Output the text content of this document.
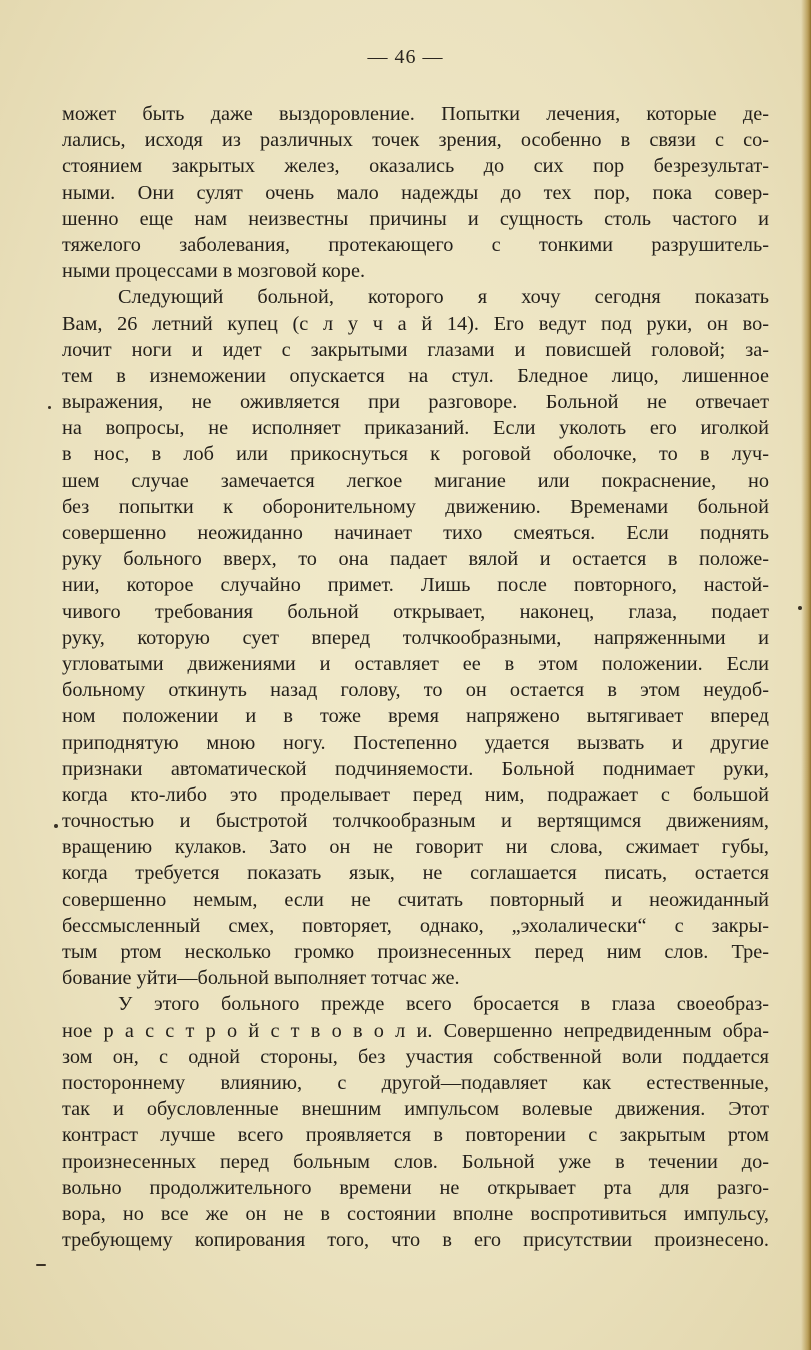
— 46 —
может быть даже выздоровление. Попытки лечения, которые де-
лались, исходя из различных точек зрения, особенно в связи с со-
стоянием закрытых желез, оказались до сих пор безрезультат-
ными. Они сулят очень мало надежды до тех пор, пока совер-
шенно еще нам неизвестны причины и сущность столь частого и
тяжелого заболевания, протекающего с тонкими разрушитель-
ными процессами в мозговой коре.
Следующий больной, которого я хочу сегодня показать
Вам, 26 летний купец (с л у ч а й 14). Его ведут под руки, он во-
лочит ноги и идет с закрытыми глазами и повисшей головой; за-
тем в изнеможении опускается на стул. Бледное лицо, лишенное
выражения, не оживляется при разговоре. Больной не отвечает
на вопросы, не исполняет приказаний. Если уколоть его иголкой
в нос, в лоб или прикоснуться к роговой оболочке, то в луч-
шем случае замечается легкое мигание или покраснение, но
без попытки к оборонительному движению. Временами больной
совершенно неожиданно начинает тихо смеяться. Если поднять
руку больного вверх, то она падает вялой и остается в положе-
нии, которое случайно примет. Лишь после повторного, настой-
чивого требования больной открывает, наконец, глаза, подает
руку, которую сует вперед толчкообразными, напряженными и
угловатыми движениями и оставляет ее в этом положении. Если
больному откинуть назад голову, то он остается в этом неудоб-
ном положении и в тоже время напряжено вытягивает вперед
приподнятую мною ногу. Постепенно удается вызвать и другие
признаки автоматической подчиняемости. Больной поднимает руки,
когда кто-либо это проделывает перед ним, подражает с большой
точностью и быстротой толчкообразным и вертящимся движениям,
вращению кулаков. Зато он не говорит ни слова, сжимает губы,
когда требуется показать язык, не соглашается писать, остается
совершенно немым, если не считать повторный и неожиданный
бессмысленный смех, повторяет, однако, „эхолалически“ с закры-
тым ртом несколько громко произнесенных перед ним слов. Тре-
бование уйти—больной выполняет тотчас же.
У этого больного прежде всего бросается в глаза своеобраз-
ное р а с с т р о й с т в о в о л и. Совершенно непредвиденным обра-
зом он, с одной стороны, без участия собственной воли поддается
постороннему влиянию, с другой—подавляет как естественные,
так и обусловленные внешним импульсом волевые движения. Этот
контраст лучше всего проявляется в повторении с закрытым ртом
произнесенных перед больным слов. Больной уже в течении до-
вольно продолжительного времени не открывает рта для разго-
вора, но все же он не в состоянии вполне воспротивиться импульсу,
требующему копирования того, что в его присутствии произнесено.
